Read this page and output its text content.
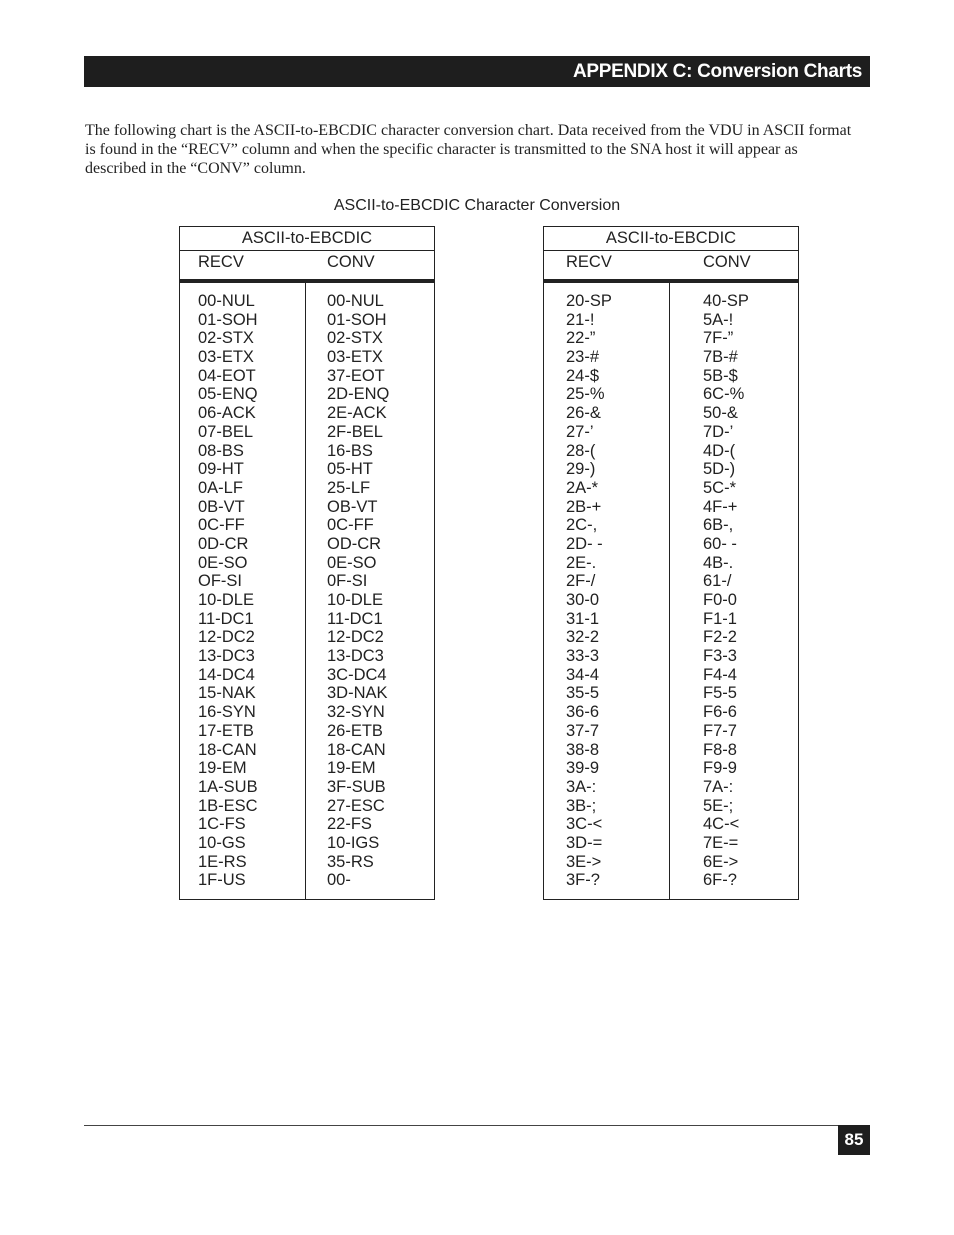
APPENDIX C: Conversion Charts

The following chart is the ASCII-to-EBCDIC character conversion chart. Data received from the VDU in ASCII format is found in the “RECV” column and when the specific character is transmitted to the SNA host it will appear as described in the “CONV” column.

ASCII-to-EBCDIC Character Conversion
ASCII-to-EBCDIC
RECV	CONV
00-NUL
01-SOH
02-STX
03-ETX
04-EOT
05-ENQ
06-ACK
07-BEL
08-BS
09-HT
0A-LF
0B-VT
0C-FF
0D-CR
0E-SO
OF-SI
10-DLE
11-DC1
12-DC2
13-DC3
14-DC4
15-NAK
16-SYN
17-ETB
18-CAN
19-EM
1A-SUB
1B-ESC
1C-FS
10-GS
1E-RS
1F-US
00-NUL
01-SOH
02-STX
03-ETX
37-EOT
2D-ENQ
2E-ACK
2F-BEL
16-BS
05-HT
25-LF
OB-VT
0C-FF
OD-CR
0E-SO
0F-SI
10-DLE
11-DC1
12-DC2
13-DC3
3C-DC4
3D-NAK
32-SYN
26-ETB
18-CAN
19-EM
3F-SUB
27-ESC
22-FS
10-IGS
35-RS
00-
ASCII-to-EBCDIC
RECV	CONV
20-SP
21-!
22-”
23-#
24-$
25-%
26-&
27-’
28-(
29-)
2A-*
2B-+
2C-,
2D- -
2E-.
2F-/
30-0
31-1
32-2
33-3
34-4
35-5
36-6
37-7
38-8
39-9
3A-:
3B-;
3C-<
3D-=
3E->
3F-?
40-SP
5A-!
7F-”
7B-#
5B-$
6C-%
50-&
7D-’
4D-(
5D-)
5C-*
4F-+
6B-,
60- -
4B-.
61-/
F0-0
F1-1
F2-2
F3-3
F4-4
F5-5
F6-6
F7-7
F8-8
F9-9
7A-:
5E-;
4C-<
7E-=
6E->
6F-?
85
